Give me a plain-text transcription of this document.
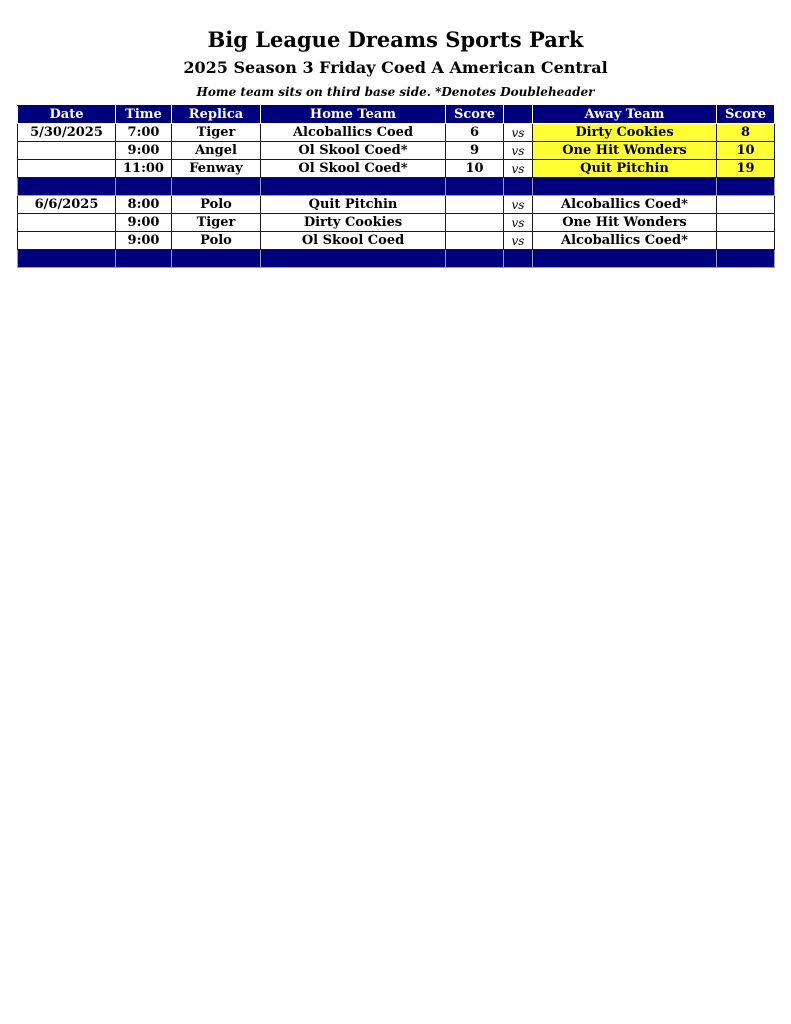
Big League Dreams Sports Park
2025 Season 3 Friday Coed A American Central
Home team sits on third base side. *Denotes Doubleheader
Date	Time	Replica	Home Team	Score		Away Team	Score
5/30/2025	7:00	Tiger	Alcoballics Coed	6	vs	Dirty Cookies	8
	9:00	Angel	Ol Skool Coed*	9	vs	One Hit Wonders	10
	11:00	Fenway	Ol Skool Coed*	10	vs	Quit Pitchin	19

6/6/2025	8:00	Polo	Quit Pitchin		vs	Alcoballics Coed*	
	9:00	Tiger	Dirty Cookies		vs	One Hit Wonders	
	9:00	Polo	Ol Skool Coed		vs	Alcoballics Coed*	
